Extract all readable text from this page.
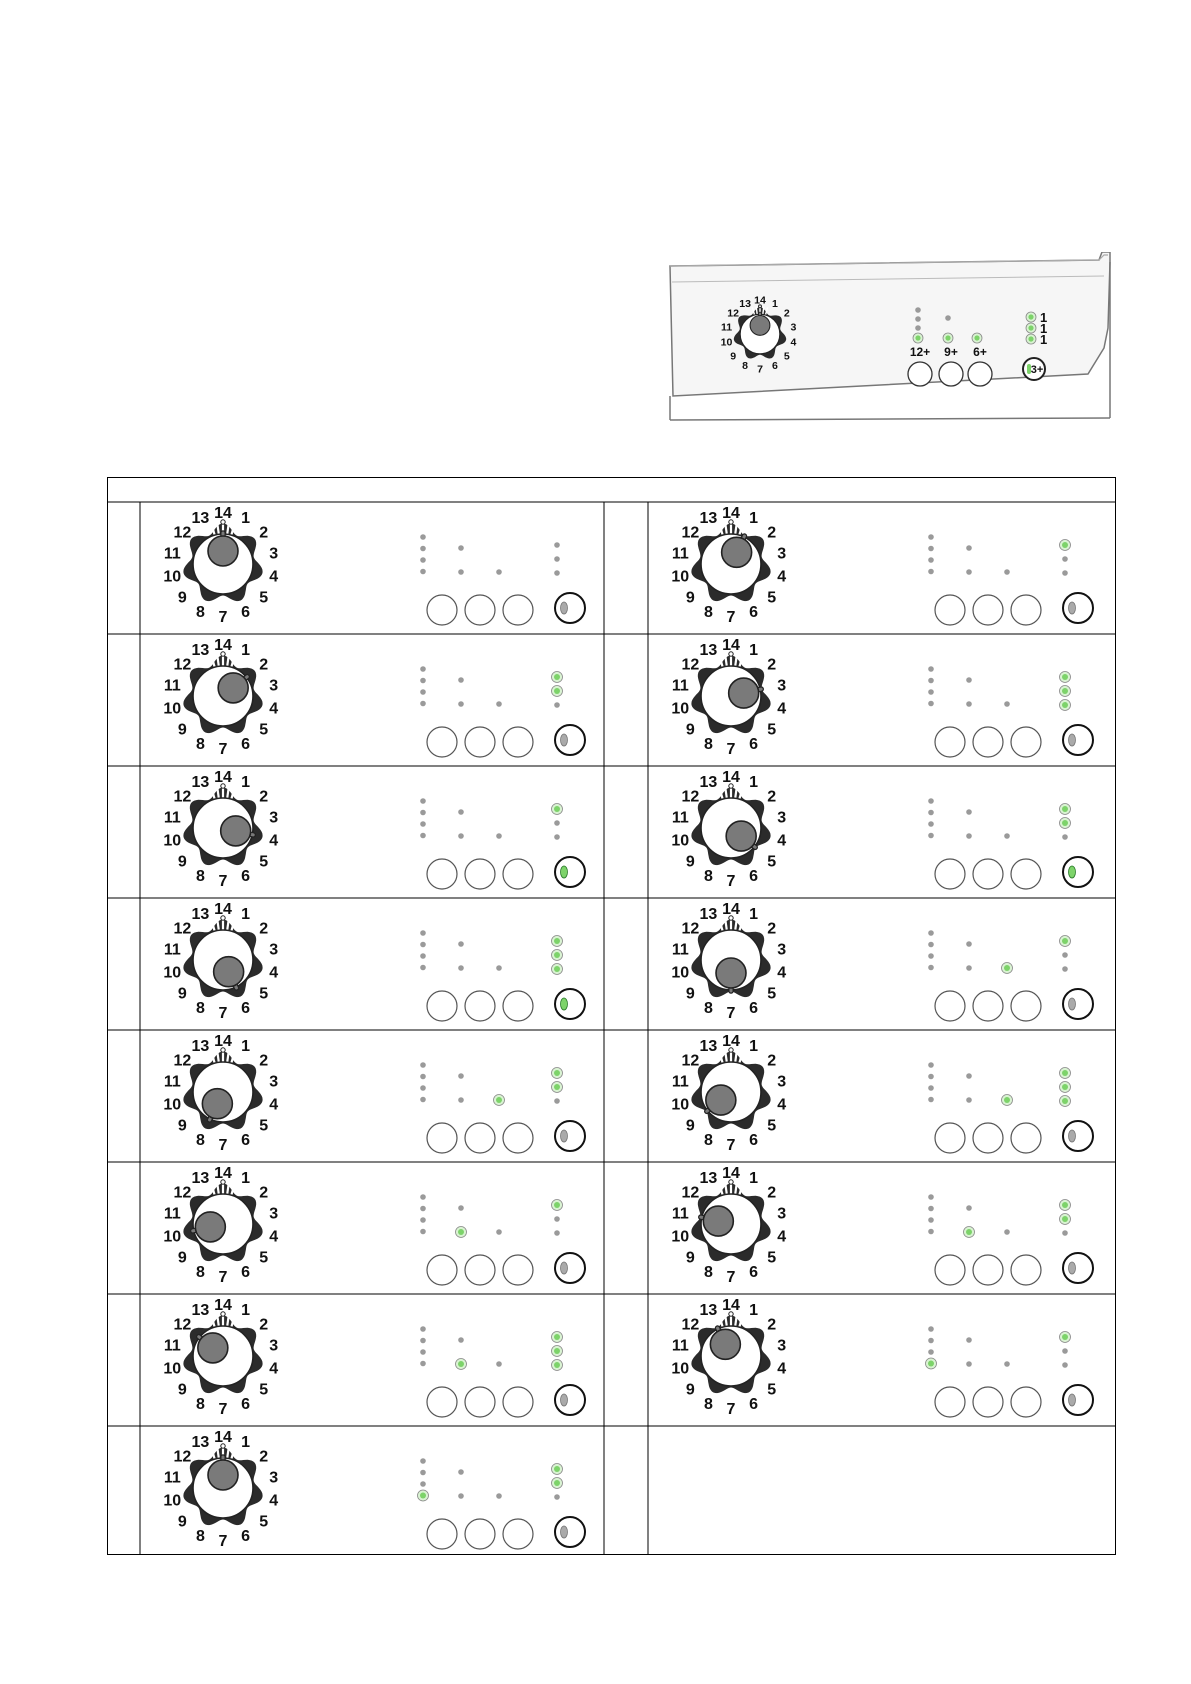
14 1
2
3
4
5
6
7
8
9
10
11
12
13
1
1
1
12+ 9+ 6+
3+
14 1
2
3
4
5
6
7
8
9
10
11
12
13	14 1
2
3
4
5
6
7
8
9
10
11
12
13
14 1
2
3
4
5
6
7
8
9
10
11
12
13	14 1
2
3
4
5
6
7
8
9
10
11
12
13
14 1
2
3
4
5
6
7
8
9
10
11
12
13	14 1
2
3
4
5
6
7
8
9
10
11
12
13
14 1
2
3
4
5
6
7
8
9
10
11
12
13	14 1
2
3
4
5
6
7
8
9
10
11
12
13
14 1
2
3
4
5
6
7
8
9
10
11
12
13	14 1
2
3
4
5
6
7
8
9
10
11
12
13
14 1
2
3
4
5
6
7
8
9
10
11
12
13	14 1
2
3
4
5
6
7
8
9
10
11
12
13
14 1
2
3
4
5
6
7
8
9
10
11
12
13	14 1
2
3
4
5
6
7
8
9
10
11
12
13
14 1
2
3
4
5
6
7
8
9
10
11
12
13
